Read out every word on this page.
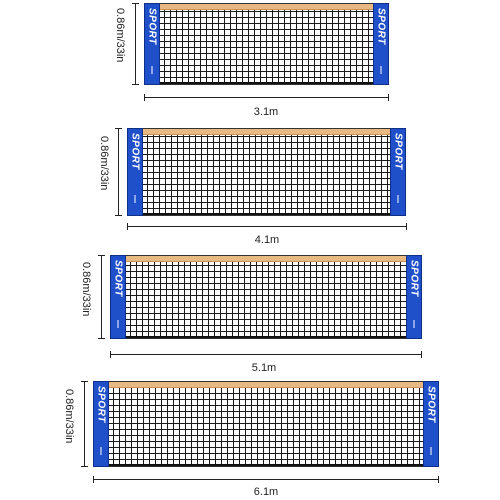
0.86m/33in SPORT	SPORT
3.1m
0.86m/33in SPORT	SPORT
4.1m
0.86m/33in SPORT	SPORT
5.1m
0.86m/33in SPORT	SPORT
6.1m
